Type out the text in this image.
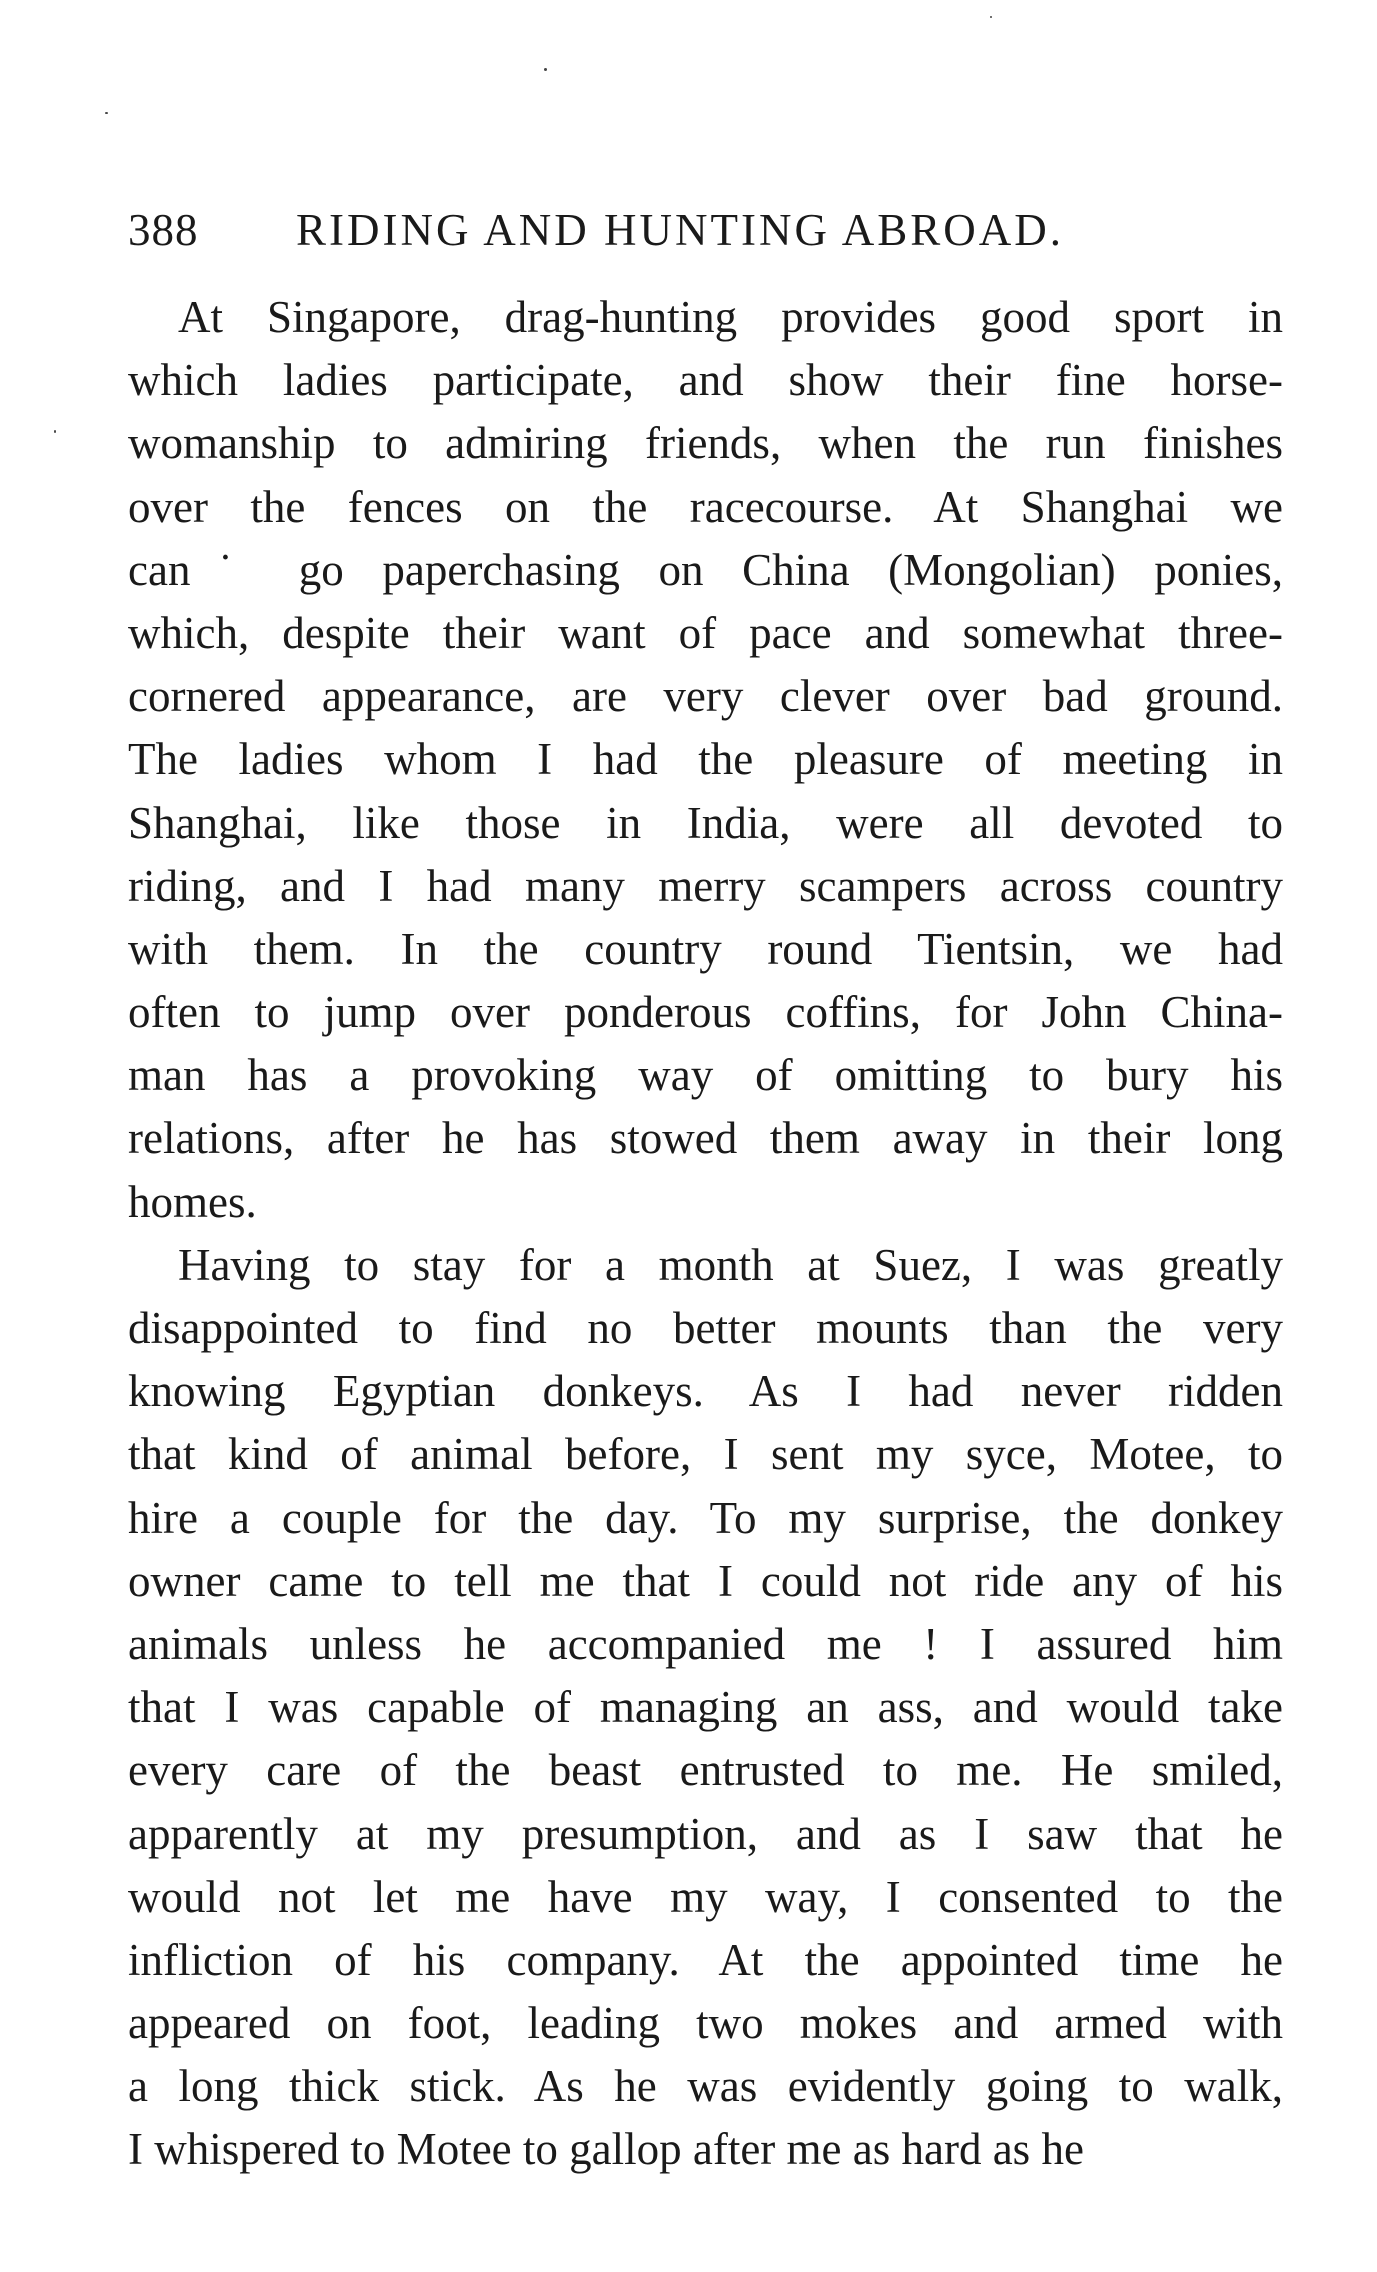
388 RIDING AND HUNTING ABROAD.
At Singapore, drag-hunting provides good sport in
which ladies participate, and show their fine horse-
womanship to admiring friends, when the run finishes
over the fences on the racecourse. At Shanghai we
can˙ go paperchasing on China (Mongolian) ponies,
which, despite their want of pace and somewhat three-
cornered appearance, are very clever over bad ground.
The ladies whom I had the pleasure of meeting in
Shanghai, like those in India, were all devoted to
riding, and I had many merry scampers across country
with them. In the country round Tientsin, we had
often to jump over ponderous coffins, for John China-
man has a provoking way of omitting to bury his
relations, after he has stowed them away in their long
homes.
Having to stay for a month at Suez, I was greatly
disappointed to find no better mounts than the very
knowing Egyptian donkeys. As I had never ridden
that kind of animal before, I sent my syce, Motee, to
hire a couple for the day. To my surprise, the donkey
owner came to tell me that I could not ride any of his
animals unless he accompanied me ! I assured him
that I was capable of managing an ass, and would take
every care of the beast entrusted to me. He smiled,
apparently at my presumption, and as I saw that he
would not let me have my way, I consented to the
infliction of his company. At the appointed time he
appeared on foot, leading two mokes and armed with
a long thick stick. As he was evidently going to walk,
I whispered to Motee to gallop after me as hard as he
